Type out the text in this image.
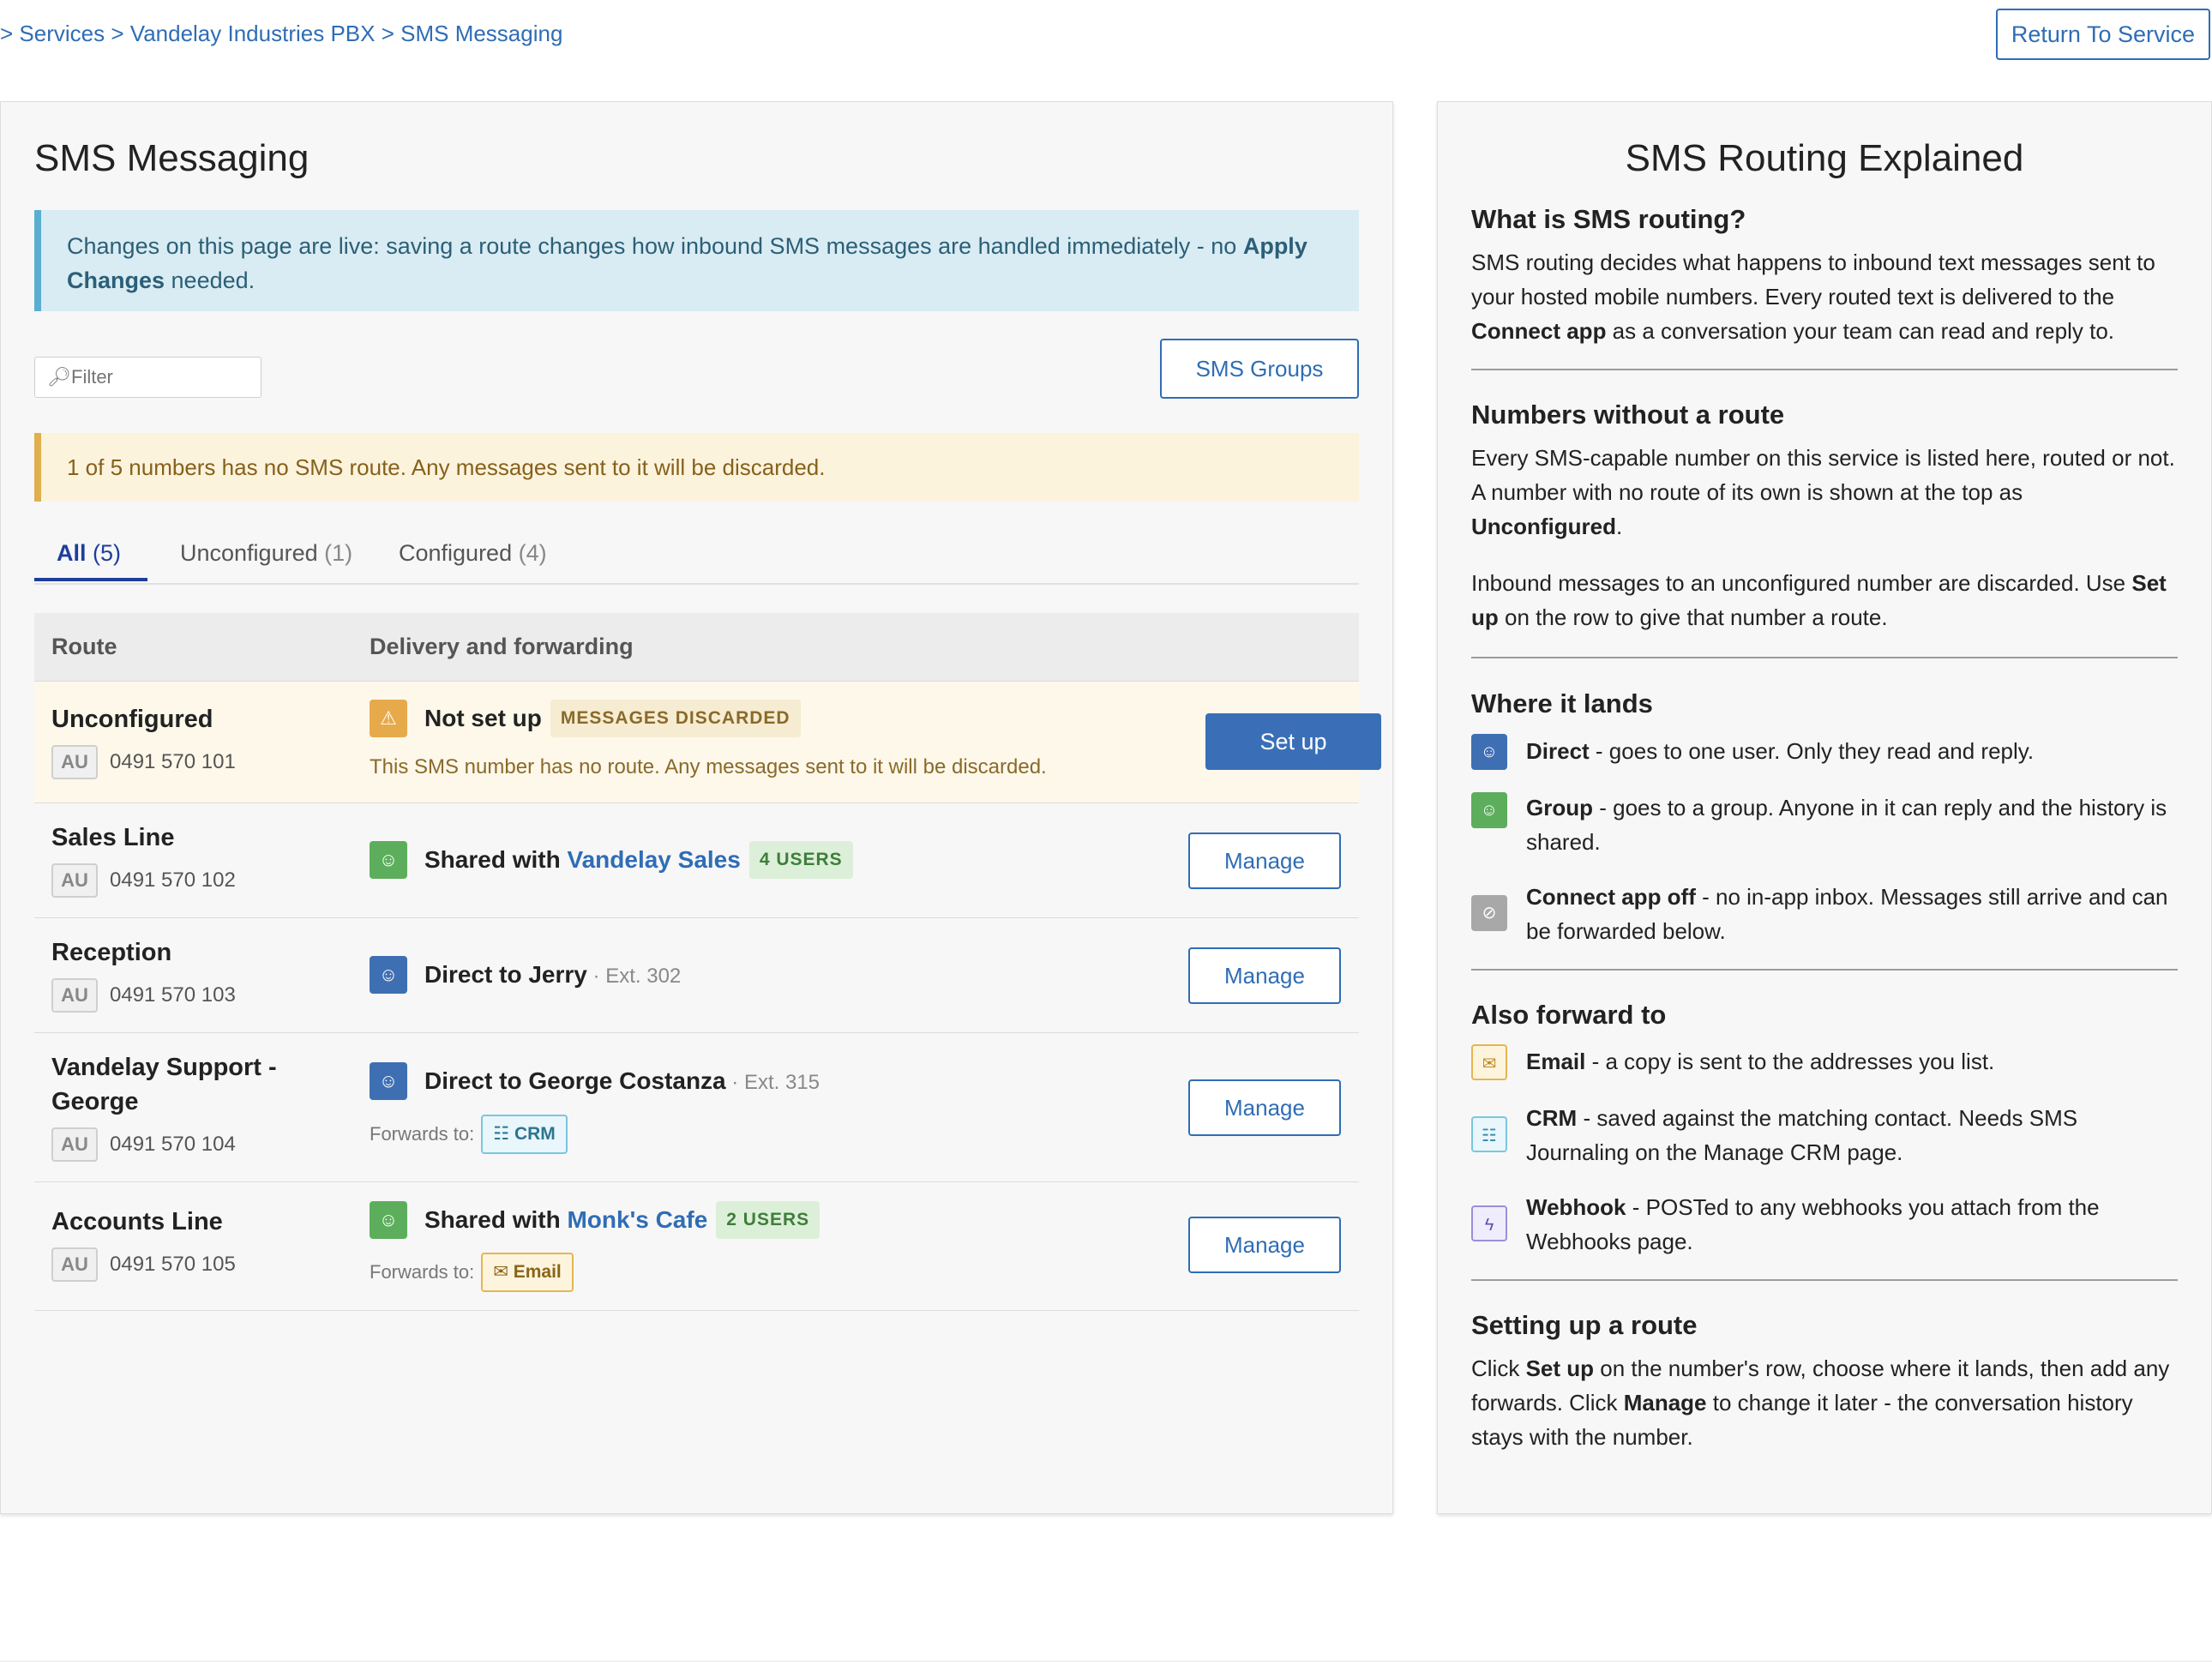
> Services > Vandelay Industries PBX > SMS Messaging	Return To Service
SMS Messaging
Changes on this page are live: saving a route changes how inbound SMS messages are handled immediately - no Apply Changes needed.
🔎︎
Filter	SMS Groups
1 of 5 numbers has no SMS route. Any messages sent to it will be discarded.
All (5)	Unconfigured (1) Configured (4)
Route	Delivery and forwarding
Unconfigured
AU	0491 570 101
⚠︎	Not set up MESSAGES DISCARDED
This SMS number has no route. Any messages sent to it will be discarded.
Set up
Sales Line
AU	0491 570 102
☺︎	Shared with Vandelay Sales 4 USERS	Manage
Reception
AU	0491 570 103
☺︎	Direct to Jerry · Ext. 302	Manage
Vandelay Support - George
AU	0491 570 104
☺︎	Direct to George Costanza · Ext. 315
Forwards to: ☷︎ CRM
Manage
Accounts Line
AU	0491 570 105
☺︎	Shared with Monk's Cafe 2 USERS
Forwards to: ✉︎ Email
Manage
SMS Routing Explained
What is SMS routing?

SMS routing decides what happens to inbound text messages sent to your hosted mobile numbers. Every routed text is delivered to the Connect app as a conversation your team can read and reply to.

Numbers without a route

Every SMS-capable number on this service is listed here, routed or not. A number with no route of its own is shown at the top as Unconfigured.

Inbound messages to an unconfigured number are discarded. Use Set up on the row to give that number a route.

Where it lands
☺︎	Direct - goes to one user. Only they read and reply.
☺︎	Group - goes to a group. Anyone in it can reply and the history is shared.
⊘
Connect app off - no in-app inbox. Messages still arrive and can be forwarded below.
Also forward to
✉︎	Email - a copy is sent to the addresses you list.
☷︎
CRM - saved against the matching contact. Needs SMS Journaling on the Manage CRM page.
ϟ
Webhook - POSTed to any webhooks you attach from the Webhooks page.
Setting up a route

Click Set up on the number's row, choose where it lands, then add any forwards. Click Manage to change it later - the conversation history stays with the number.
